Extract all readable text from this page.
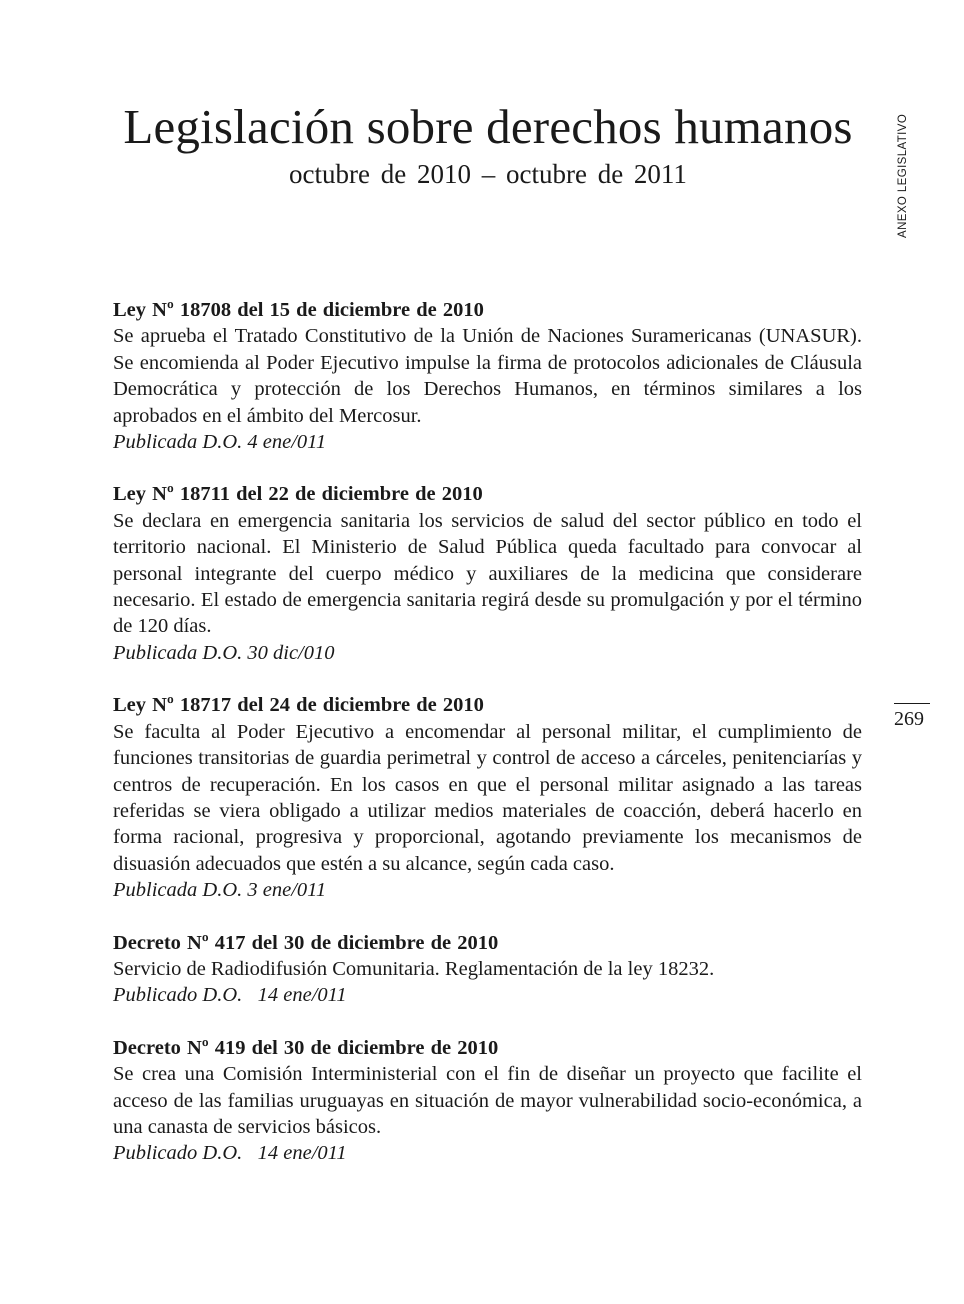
Legislación sobre derechos humanos
octubre de 2010 – octubre de 2011	ANEXO LEGISLATIVO
269

Ley Nº 18708 del 15 de diciembre de 2010

Se aprueba el Tratado Constitutivo de la Unión de Naciones Suramericanas (UNASUR). Se encomienda al Poder Ejecutivo impulse la firma de protocolos adicionales de Cláusula Democrática y protección de los Derechos Humanos, en términos similares a los aprobados en el ámbito del Mercosur.

Publicada D.O. 4 ene/011

Ley Nº 18711 del 22 de diciembre de 2010

Se declara en emergencia sanitaria los servicios de salud del sector público en todo el territorio nacional. El Ministerio de Salud Pública queda facultado para convocar al personal integrante del cuerpo médico y auxiliares de la medicina que considerare necesario. El estado de emergencia sanitaria regirá desde su promulgación y por el término de 120 días.

Publicada D.O. 30 dic/010

Ley Nº 18717 del 24 de diciembre de 2010

Se faculta al Poder Ejecutivo a encomendar al personal militar, el cumplimiento de funciones transitorias de guardia perimetral y control de acceso a cárceles, penitenciarías y centros de recuperación. En los casos en que el personal militar asignado a las tareas referidas se viera obligado a utilizar medios materiales de coacción, deberá hacerlo en forma racional, progresiva y proporcional, agotando previamente los mecanismos de disuasión adecuados que estén a su alcance, según cada caso.

Publicada D.O. 3 ene/011

Decreto Nº 417 del 30 de diciembre de 2010

Servicio de Radiodifusión Comunitaria. Reglamentación de la ley 18232.

Publicado D.O.   14 ene/011

Decreto Nº 419 del 30 de diciembre de 2010

Se crea una Comisión Interministerial con el fin de diseñar un proyecto que facilite el acceso de las familias uruguayas en situación de mayor vulnerabilidad socio-económica, a una canasta de servicios básicos.

Publicado D.O.   14 ene/011
